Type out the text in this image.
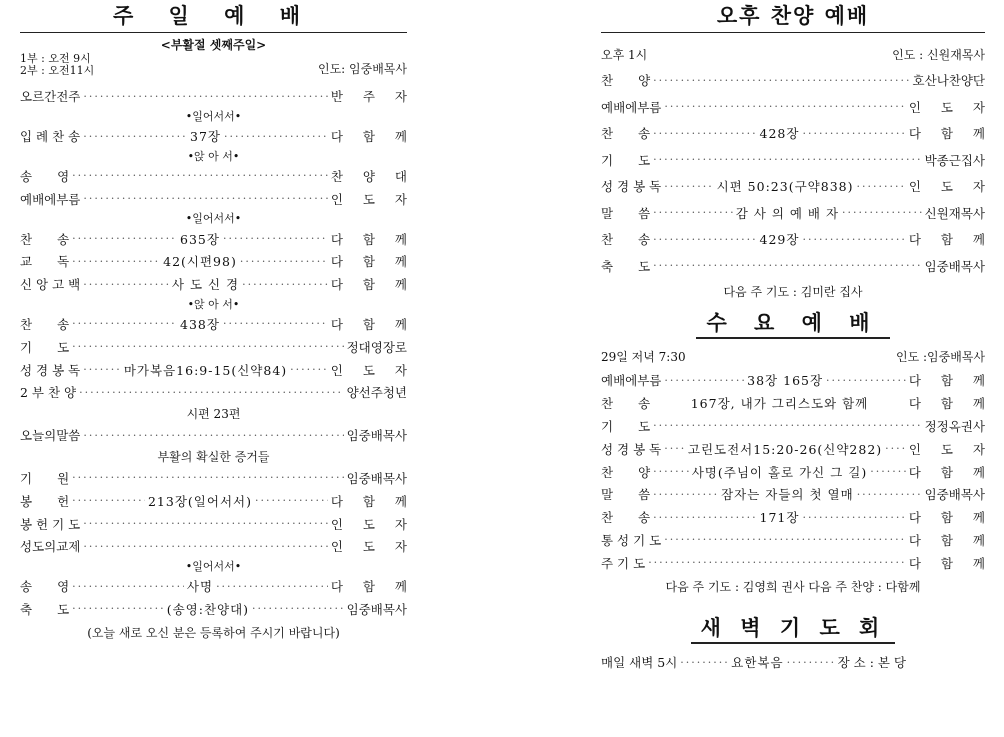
주 일 예 배
<부활절 셋째주일>
1부 : 오전 9시
2부 : 오전11시	인도: 임중배목사
오르간전주 ·····	반 주 자
•일어서서•
입 례 찬 송 ·····	37장 ·····	다 함 께
•앉 아 서•
송　　영 ·····	찬 양 대
예배에부름 ·····	인 도 자
•일어서서•
찬　　송 ·····	635장 ·····	다 함 께
교　　독 ·····	42(시편98) ·····	다 함 께
신 앙 고 백 ·····	사 도 신 경 ·····	다 함 께
•앉 아 서•
찬　　송 ·····	438장 ·····	다 함 께
기　　도 ·····	정대영장로
성 경 봉 독 ·····	마가복음16:9-15(신약84) ·····	인 도 자
2 부 찬 양 ·····	양선주청년
시편 23편
오늘의말씀 ·····	임중배목사
부활의 확실한 증거들
기　　원 ·····	임중배목사
봉　　헌 ·····	213장(일어서서) ·····	다 함 께
봉 헌 기 도 ·····	인 도 자
성도의교제 ·····	인 도 자
•일어서서•
송　　영 ·····	사명 ·····	다 함 께
축　　도 ·····	(송영:찬양대) ·····	임중배목사
(오늘 새로 오신 분은 등록하여 주시기 바랍니다)
오후 찬양 예배
오후 1시	인도 : 신원재목사
찬　　양 ·····	호산나찬양단
예배에부름 ·····	인 도 자
찬　　송 ·····	428장 ·····	다 함 께
기　　도 ·····	박종근집사
성 경 봉 독 ·····	시편 50:23(구약838) ·····	인 도 자
말　　씀 ·····	감 사 의 예 배 자 ·····	신원재목사
찬　　송 ·····	429장 ·····	다 함 께
축　　도 ·····	임중배목사
다음 주 기도 : 김미란 집사
수 요 예 배
29일 저녁 7:30	인도 :임중배목사
예배에부름 ·····	38장 165장 ·····	다 함 께
찬　　송	167장, 내가 그리스도와 함께	다 함 께
기　　도 ·····	정정옥권사
성 경 봉 독 ····· 고린도전서15:20-26(신약282) ····· 인 도 자
찬　　양 ·····	사명(주님이 홀로 가신 그 길) ·····	다 함 께
말　　씀 ·····	잠자는 자들의 첫 열매 ·····	임중배목사
찬　　송 ·····	171장 ·····	다 함 께
통 성 기 도 ·····	다 함 께
주 기 도 ·····	다 함 께
다음 주 기도 : 김영희 권사 다음 주 찬양 : 다함께
새 벽 기 도 회
매일 새벽 5시 ·····	요한복음 ·····	장 소 : 본 당
